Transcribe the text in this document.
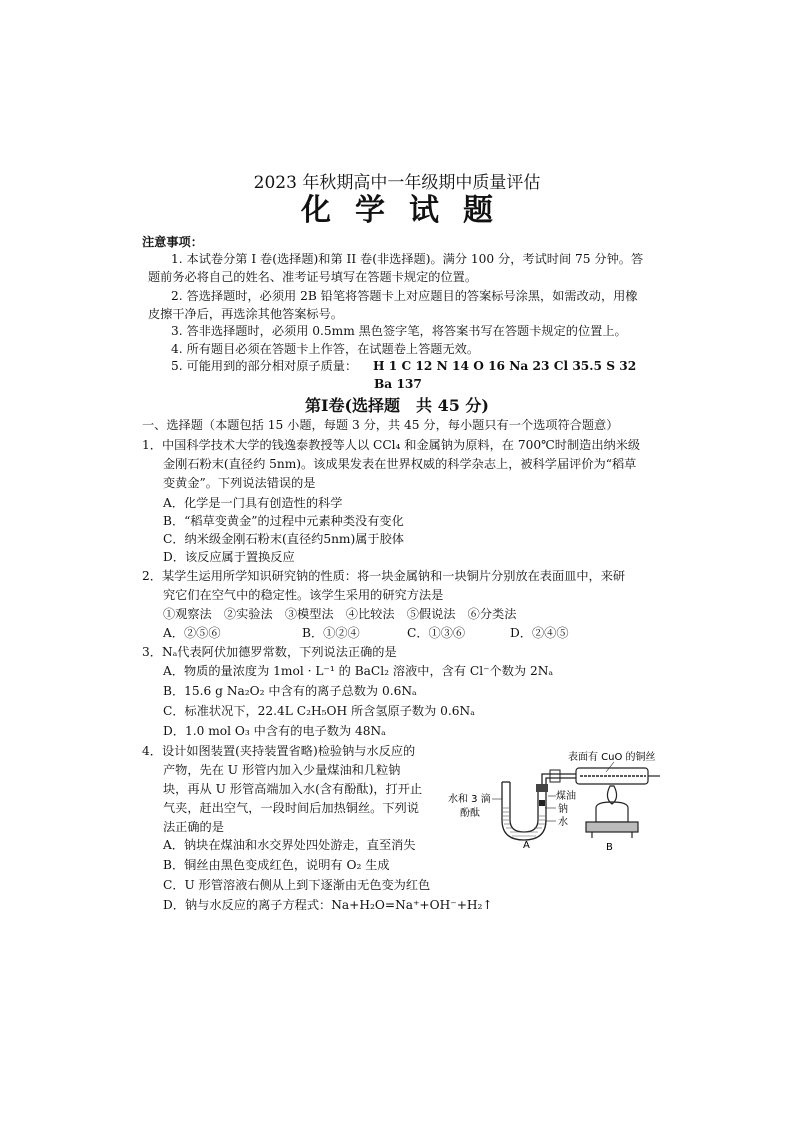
2023 年秋期高中一年级期中质量评估
化学试题
注意事项：
1. 本试卷分第 I 卷(选择题)和第 II 卷(非选择题)。满分 100 分，考试时间 75 分钟。答
题前务必将自己的姓名、准考证号填写在答题卡规定的位置。
2. 答选择题时，必须用 2B 铅笔将答题卡上对应题目的答案标号涂黑，如需改动，用橡
皮擦干净后，再选涂其他答案标号。
3. 答非选择题时，必须用 0.5mm 黑色签字笔，将答案书写在答题卡规定的位置上。
4. 所有题目必须在答题卡上作答，在试题卷上答题无效。
5. 可能用到的部分相对原子质量： H 1 C 12 N 14 O 16 Na 23 Cl 35.5 S 32
Ba 137
第Ⅰ卷(选择题　共 45 分)
一、选择题（本题包括 15 小题，每题 3 分，共 45 分，每小题只有一个选项符合题意）
1．中国科学技术大学的钱逸泰教授等人以 CCl₄ 和金属钠为原料，在 700℃时制造出纳米级
金刚石粉末(直径约 5nm)。该成果发表在世界权威的科学杂志上，被科学届评价为“稻草
变黄金”。下列说法错误的是
A．化学是一门具有创造性的科学
B．“稻草变黄金”的过程中元素种类没有变化
C．纳米级金刚石粉末(直径约5nm)属于胶体
D．该反应属于置换反应
2．某学生运用所学知识研究钠的性质：将一块金属钠和一块铜片分别放在表面皿中，来研
究它们在空气中的稳定性。该学生采用的研究方法是
①观察法　②实验法　③模型法　④比较法　⑤假说法　⑥分类法
A．②⑤⑥	B．①②④	C．①③⑥	D．②④⑤
3．Nₐ代表阿伏加德罗常数，下列说法正确的是
A．物质的量浓度为 1mol · L⁻¹ 的 BaCl₂ 溶液中，含有 Cl⁻个数为 2Nₐ
B．15.6 g Na₂O₂ 中含有的离子总数为 0.6Nₐ
C．标准状况下，22.4L C₂H₅OH 所含氢原子数为 0.6Nₐ
D．1.0 mol O₃ 中含有的电子数为 48Nₐ
4．设计如图装置(夹持装置省略)检验钠与水反应的
产物，先在 U 形管内加入少量煤油和几粒钠
块，再从 U 形管高端加入水(含有酚酞)，打开止
气夹，赶出空气，一段时间后加热铜丝。下列说
法正确的是
A．钠块在煤油和水交界处四处游走，直至消失
B．铜丝由黑色变成红色，说明有 O₂ 生成
C．U 形管溶液右侧从上到下逐渐由无色变为红色
D．钠与水反应的离子方程式：Na+H₂O=Na⁺+OH⁻+H₂↑
表面有 CuO 的铜丝
水和 3 滴
酚酞
煤油
钠
水
A	B
